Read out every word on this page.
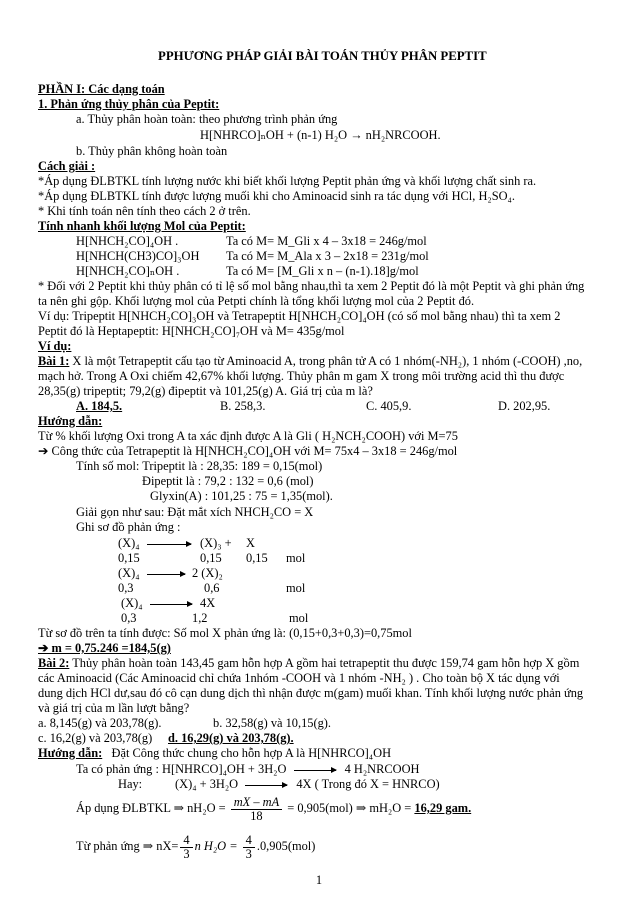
PPHƯƠNG PHÁP GIẢI BÀI TOÁN THỦY PHÂN PEPTIT
PHẦN I: Các dạng toán
1. Phản ứng thủy phân của Peptit:
a. Thủy phân hoàn toàn: theo phương trình phản ứng
H[NHRCO]ₙOH + (n-1) H₂O → nH₂NRCOOH.
b. Thủy phân không hoàn toàn
Cách giải :
*Áp dụng ĐLBTKL tính lượng nước khi biết khối lượng Peptit phản ứng và khối lượng chất sinh ra.
*Áp dụng ĐLBTKL tính được lượng muối khi cho Aminoacid sinh ra tác dụng với HCl, H₂SO₄.
* Khi tính toán nên tính theo cách 2 ở trên.
Tính nhanh khối lượng Mol của Peptit:
H[NHCH₂CO]₄OH .	Ta có M= M_Gli x 4 – 3x18 = 246g/mol
H[NHCH(CH3)CO]₃OH Ta có M= M_Ala x 3 – 2x18 = 231g/mol
H[NHCH₂CO]ₙOH .	Ta có M= [M_Gli x n – (n-1).18]g/mol
* Đối với 2 Peptit khi thủy phân có tỉ lệ số mol bằng nhau,thì ta xem 2 Peptit đó là một Peptit và ghi phản ứng
ta nên ghi gộp. Khối lượng mol của Petpti chính là tổng khối lượng mol của 2 Peptit đó.
Ví dụ: Tripeptit H[NHCH₂CO]₃OH và Tetrapeptit H[NHCH₂CO]₄OH (có số mol bằng nhau) thì ta xem 2
Peptit đó là Heptapeptit: H[NHCH₂CO]₇OH và M= 435g/mol
Ví dụ:
Bài 1: X là một Tetrapeptit cấu tạo từ Aminoacid A, trong phân tử A có 1 nhóm(-NH₂), 1 nhóm (-COOH) ,no,
mạch hở. Trong A Oxi chiếm 42,67% khối lượng. Thủy phân m gam X trong môi trường acid thì thu được
28,35(g) tripeptit; 79,2(g) đipeptit và 101,25(g) A. Giá trị của m là?
A. 184,5.	B. 258,3.	C. 405,9.	D. 202,95.
Hướng dẫn:
Từ % khối lượng Oxi trong A ta xác định được A là Gli ( H₂NCH₂COOH) với M=75
➔ Công thức của Tetrapeptit là H[NHCH₂CO]₄OH với M= 75x4 – 3x18 = 246g/mol
Tính số mol: Tripeptit là : 28,35: 189 = 0,15(mol)
Đipeptit là : 79,2 : 132 = 0,6 (mol)
Glyxin(A) : 101,25 : 75 = 1,35(mol).
Giải gọn như sau: Đặt mắt xích NHCH₂CO = X
Ghi sơ đồ phản ứng :
(X)₄	(X)₃ + X
0,15	0,15 0,15 mol
(X)₄	2 (X)₂
0,3	0,6	mol
(X)₄	4X
0,3	1,2	mol
Từ sơ đồ trên ta tính được: Số mol X phản ứng là: (0,15+0,3+0,3)=0,75mol
➔ m = 0,75.246 =184,5(g)
Bài 2: Thủy phân hoàn toàn 143,45 gam hỗn hợp A gồm hai tetrapeptit thu được 159,74 gam hỗn hợp X gồm
các Aminoacid (Các Aminoacid chỉ chứa 1nhóm -COOH và 1 nhóm -NH₂ ) . Cho toàn bộ X tác dụng với
dung dịch HCl dư,sau đó cô cạn dung dịch thì nhận được m(gam) muối khan. Tính khối lượng nước phản ứng
và giá trị của m lần lượt bằng?
a. 8,145(g) và 203,78(g).	b. 32,58(g) và 10,15(g).
c. 16,2(g) và 203,78(g) d. 16,29(g) và 203,78(g).
Hướng dẫn: Đặt Công thức chung cho hỗn hợp A là H[NHRCO]₄OH
Ta có phản ứng : H[NHRCO]₄OH + 3H₂O	4 H₂NRCOOH
Hay:	(X)₄ + 3H₂O	4X ( Trong đó X = HNRCO)
Áp dụng ĐLBTKL ⇒ $nH_2O = \frac{mX - mA}{18} = 0,905(mol)$ ⇒ mH₂O = 16,29 gam.
Từ phản ứng ⇒ $nX= \frac{4}{3}$ n $H_2O = \frac{4}{3} .0,905(mol)$
1
